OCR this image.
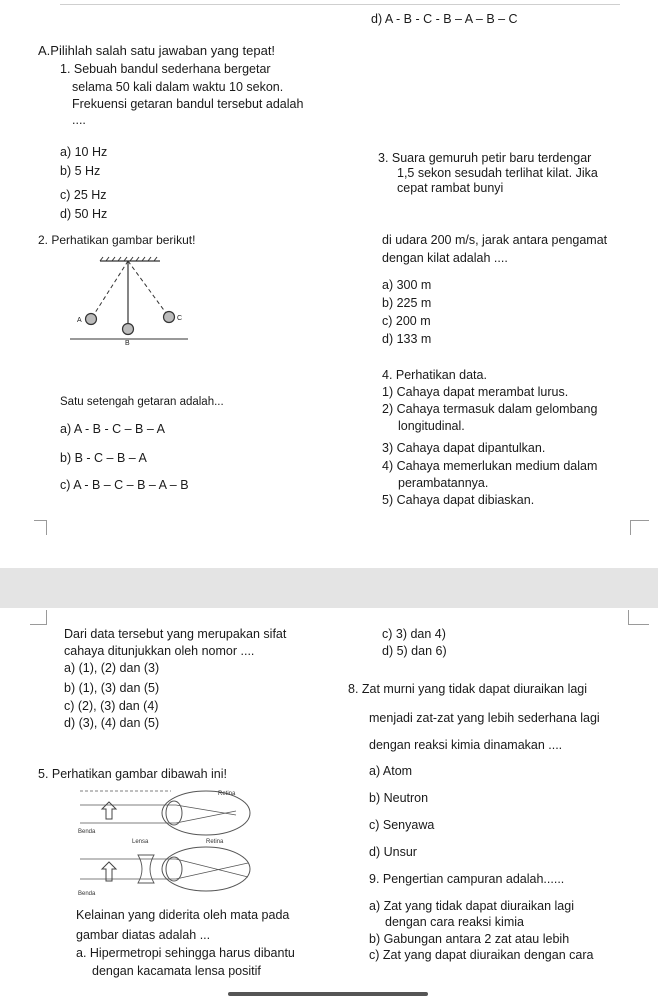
d) A - B - C - B – A – B – C
A.Pilihlah salah satu jawaban yang tepat!
1. Sebuah bandul sederhana bergetar
selama 50 kali dalam waktu 10 sekon.
Frekuensi getaran bandul tersebut adalah
....
a) 10 Hz
b) 5 Hz
c) 25 Hz
d) 50 Hz
3. Suara gemuruh petir baru terdengar
1,5 sekon sesudah terlihat kilat. Jika
cepat rambat bunyi
2. Perhatikan gambar berikut!	di udara 200 m/s, jarak antara pengamat
dengan kilat adalah ....
A
B
C
a) 300 m
b) 225 m
c) 200 m
d) 133 m
4. Perhatikan data.
1) Cahaya dapat merambat lurus.
Satu setengah getaran adalah...	2) Cahaya termasuk dalam gelombang
a) A - B - C – B – A	longitudinal.
3) Cahaya dapat dipantulkan.
b) B - C – B – A
4) Cahaya memerlukan medium dalam
perambatannya.
c) A - B – C – B – A – B
5) Cahaya dapat dibiaskan.
Dari data tersebut yang merupakan sifat
cahaya ditunjukkan oleh nomor ....
a) (1), (2) dan (3)
b) (1), (3) dan (5)
c) (2), (3) dan (4)
d) (3), (4) dan (5)
c) 3) dan 4)
d) 5) dan 6)
8. Zat murni yang tidak dapat diuraikan lagi
menjadi zat-zat yang lebih sederhana lagi
dengan reaksi kimia dinamakan ....
a) Atom
b) Neutron
c) Senyawa
d) Unsur
5. Perhatikan gambar dibawah ini!
Retina
Benda
Lensa	Retina
Benda
9. Pengertian campuran adalah......
Kelainan yang diderita oleh mata pada
gambar diatas adalah ...
a. Hipermetropi sehingga harus dibantu
dengan kacamata lensa positif
a) Zat yang tidak dapat diuraikan lagi
dengan cara reaksi kimia
b) Gabungan antara 2 zat atau lebih
c) Zat yang dapat diuraikan dengan cara
